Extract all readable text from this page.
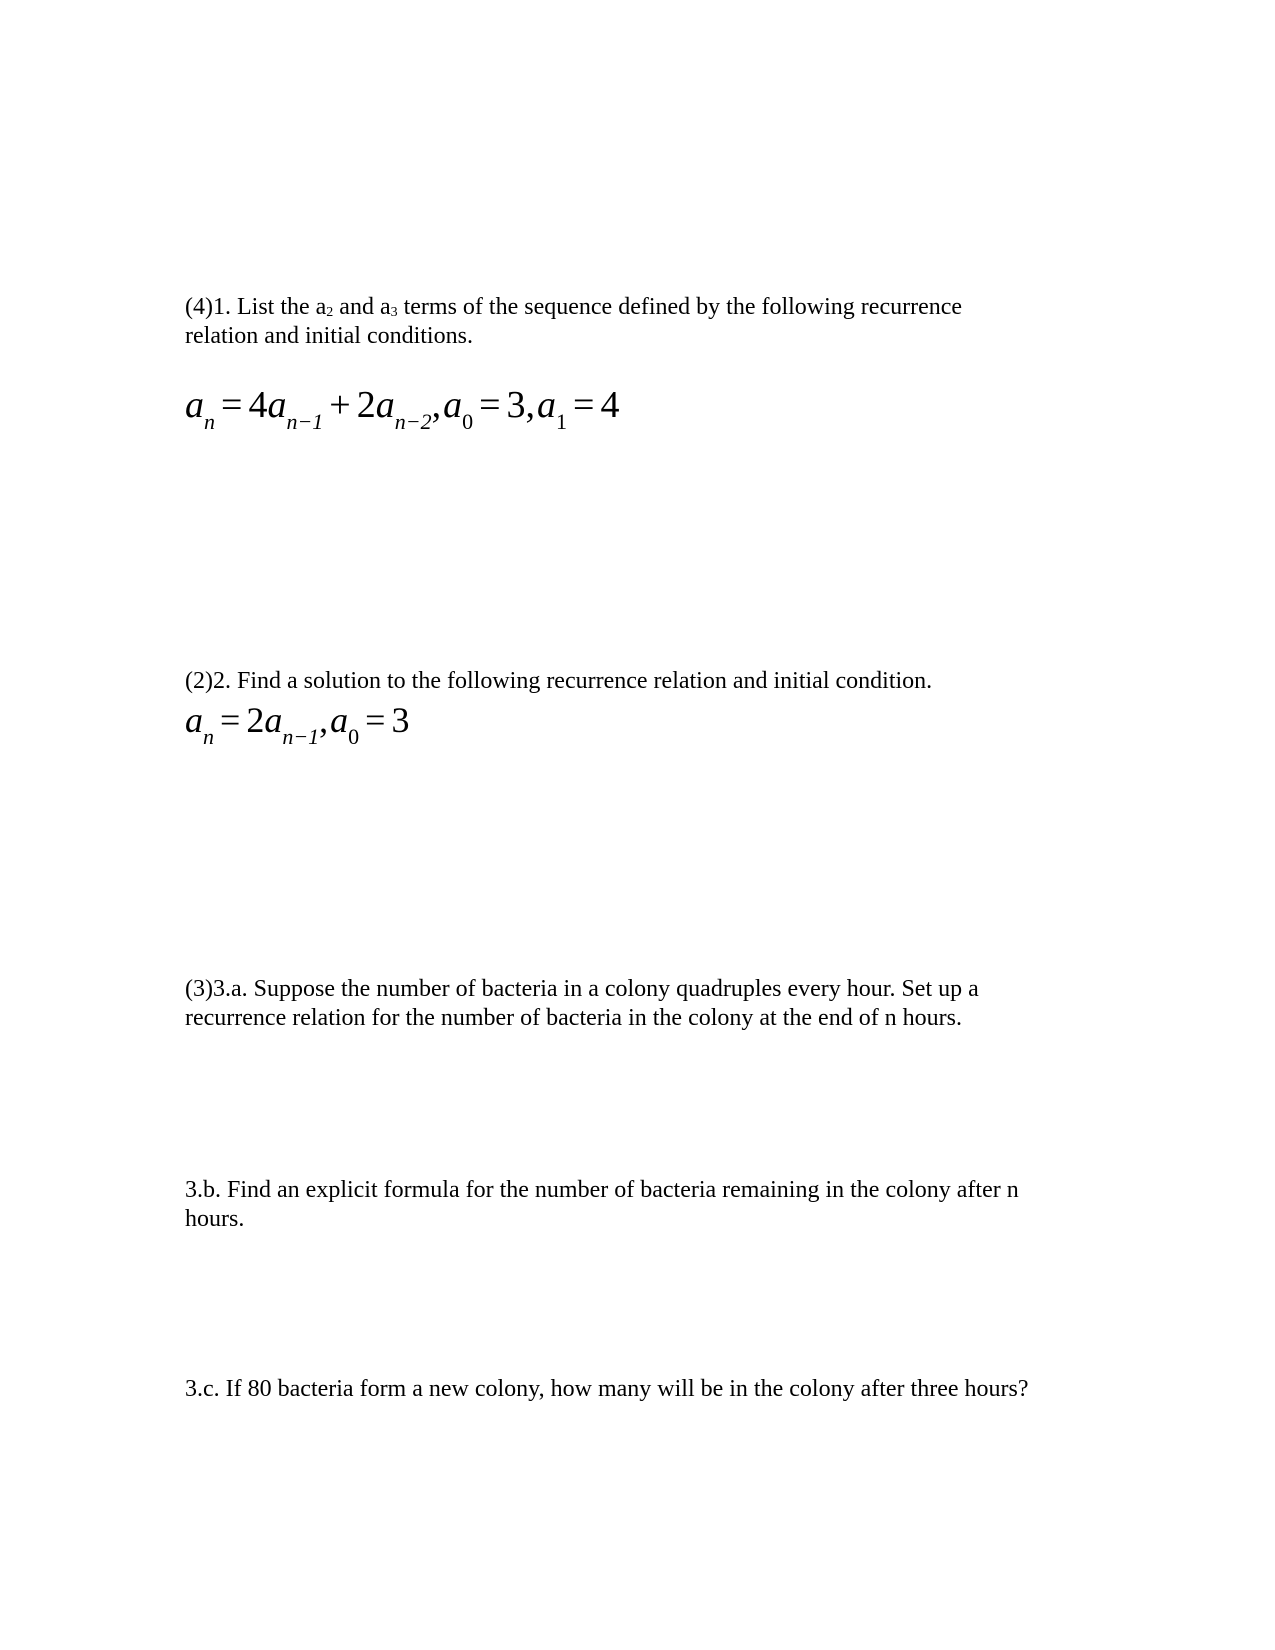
(4)1. List the a2 and a3 terms of the sequence defined by the following recurrence
relation and initial conditions.
$a_n = 4a_{n-1} + 2a_{n-2},a_0 = 3,a_1 = 4$
(2)2. Find a solution to the following recurrence relation and initial condition.
$a_n = 2a_{n-1},a_0 = 3$
(3)3.a. Suppose the number of bacteria in a colony quadruples every hour. Set up a
recurrence relation for the number of bacteria in the colony at the end of n hours.
3.b. Find an explicit formula for the number of bacteria remaining in the colony after n
hours.
3.c. If 80 bacteria form a new colony, how many will be in the colony after three hours?
